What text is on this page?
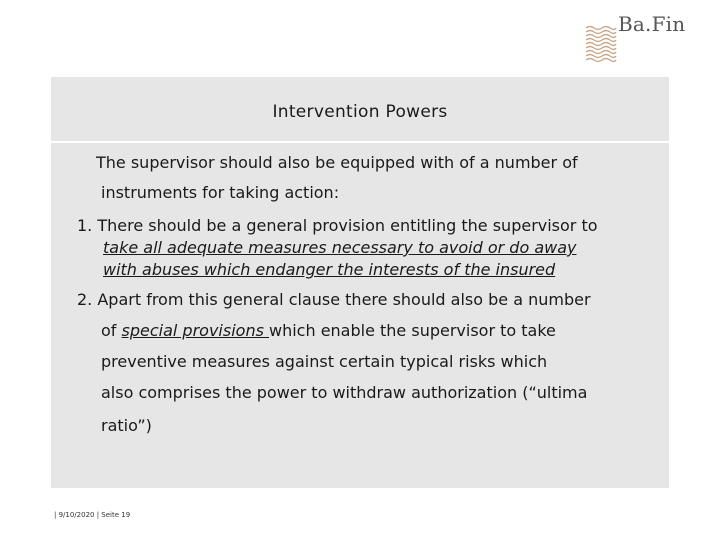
Ba.Fin
Intervention Powers
The supervisor should also be equipped with of a number of
instruments for taking action:
1. There should be a general provision entitling the supervisor to
take all adequate measures necessary to avoid or do away
with abuses which endanger the interests of the insured
2. Apart from this general clause there should also be a number
of special provisions which enable the supervisor to take
preventive measures against certain typical risks which
also comprises the power to withdraw authorization (“ultima
ratio”)
| 9/10/2020 | Seite 19
